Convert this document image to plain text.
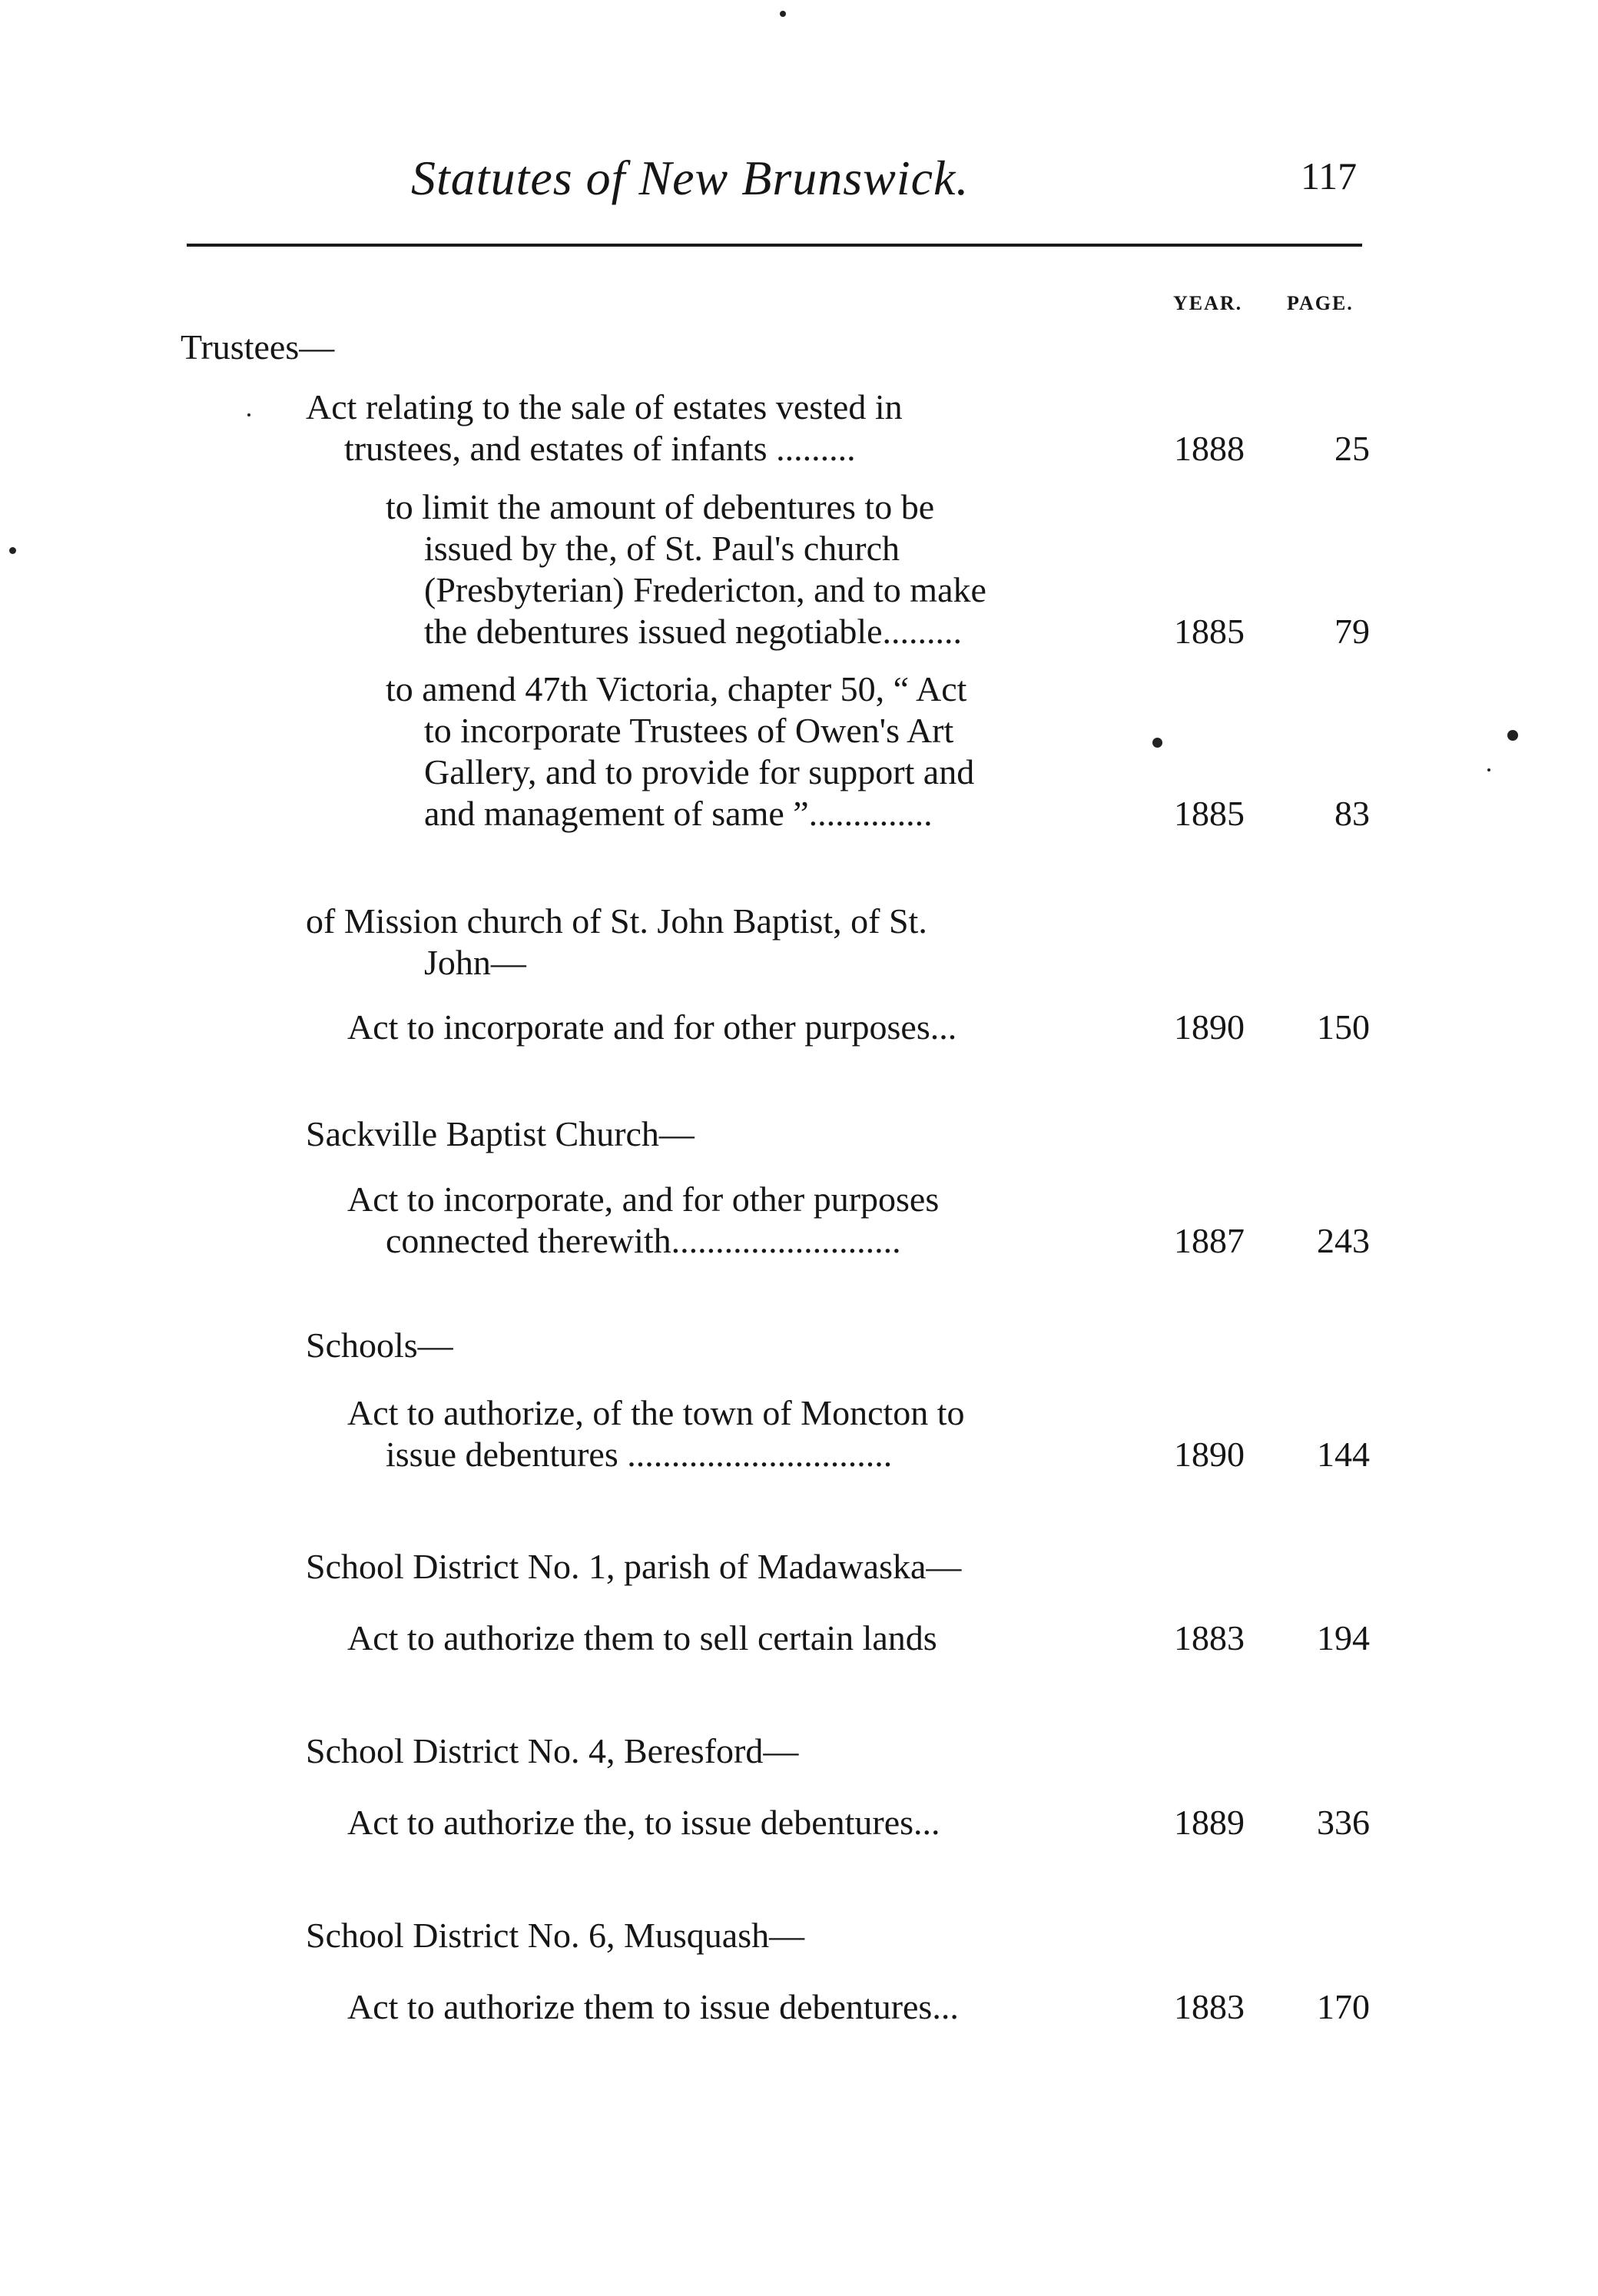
Statutes of New Brunswick.	117
YEAR. PAGE.
Trustees—
Act relating to the sale of estates vested in
trustees, and estates of infants .........	1888	25
to limit the amount of debentures to be
issued by the, of St. Paul's church
(Presbyterian) Fredericton, and to make
the debentures issued negotiable.........	1885	79
to amend 47th Victoria, chapter 50, “ Act
to incorporate Trustees of Owen's Art
Gallery, and to provide for support and
and management of same ”..............	1885	83
of Mission church of St. John Baptist, of St.
John—
Act to incorporate and for other purposes...	1890	150
Sackville Baptist Church—
Act to incorporate, and for other purposes
connected therewith..........................	1887	243
Schools—
Act to authorize, of the town of Moncton to
issue debentures ..............................	1890	144
School District No. 1, parish of Madawaska—
Act to authorize them to sell certain lands	1883	194
School District No. 4, Beresford—
Act to authorize the, to issue debentures...	1889	336
School District No. 6, Musquash—
Act to authorize them to issue debentures...	1883	170
